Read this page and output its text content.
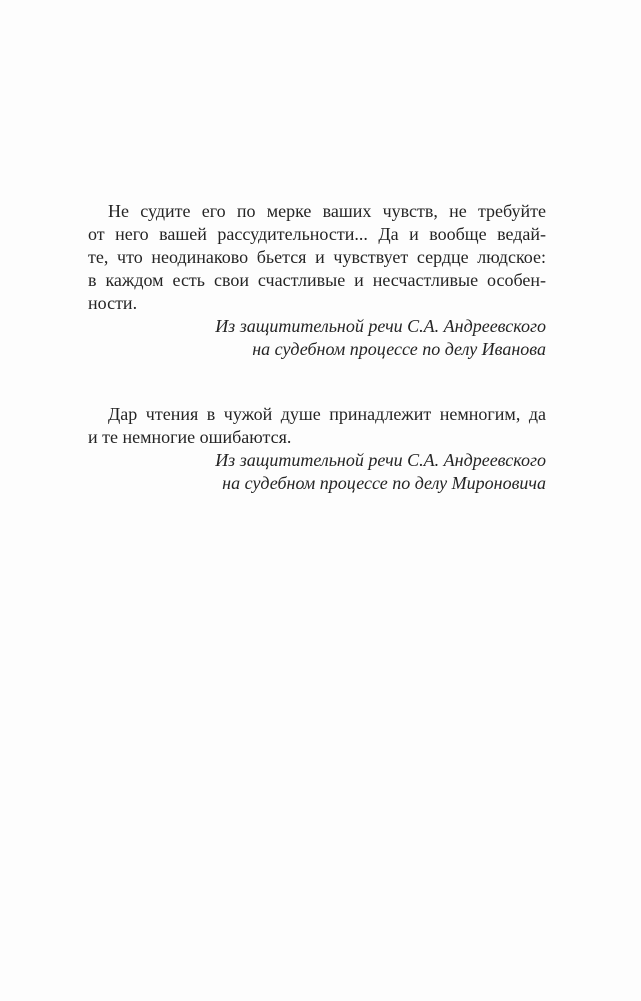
Не судите его по мерке ваших чувств, не требуйте
от него вашей рассудительности... Да и вообще ведай-
те, что неодинаково бьется и чувствует сердце людское:
в каждом есть свои счастливые и несчастливые особен-
ности.

Из защитительной речи С.А. Андреевского
на судебном процессе по делу Иванова

Дар чтения в чужой душе принадлежит немногим, да
и те немногие ошибаются.

Из защитительной речи С.А. Андреевского
на судебном процессе по делу Мироновича
